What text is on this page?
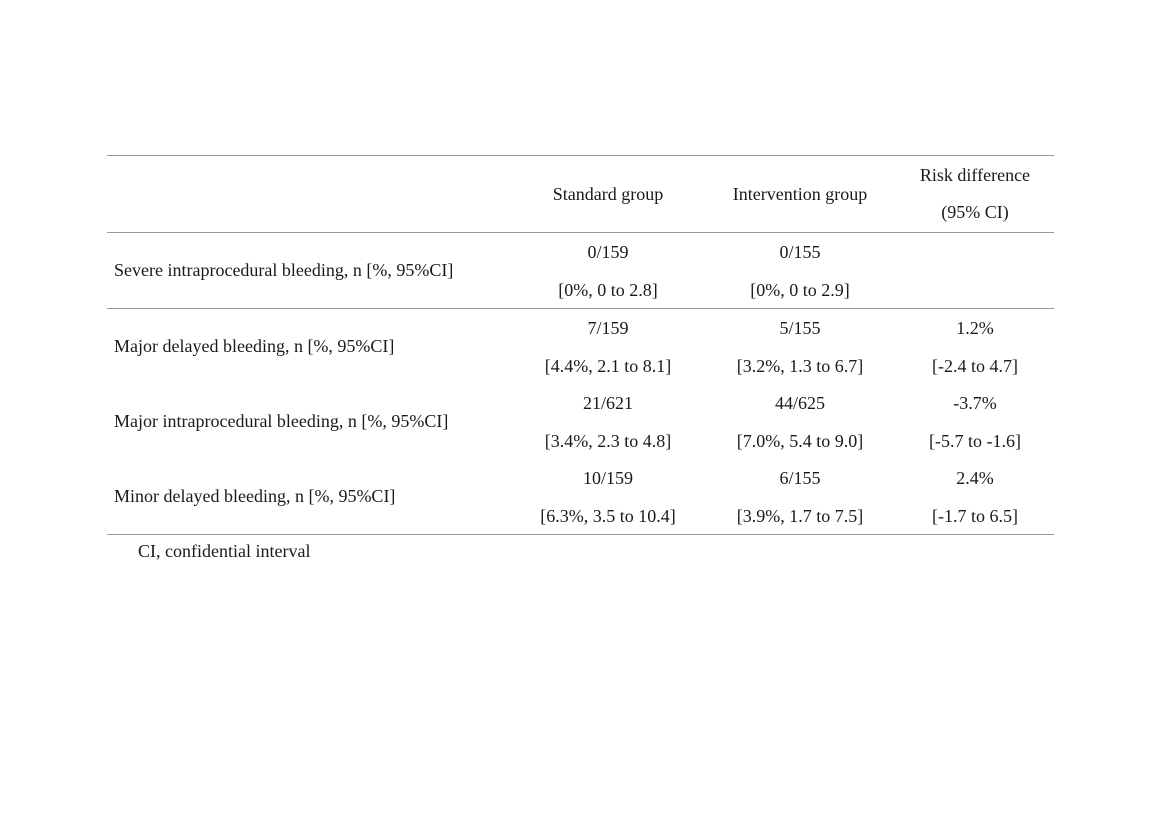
Standard group	Intervention group
Risk difference
(95% CI)
Severe intraprocedural bleeding, n [%, 95%CI]
0/159
[0%, 0 to 2.8]
0/155
[0%, 0 to 2.9]
Major delayed bleeding, n [%, 95%CI]
7/159
[4.4%, 2.1 to 8.1]
5/155
[3.2%, 1.3 to 6.7]
1.2%
[-2.4 to 4.7]
Major intraprocedural bleeding, n [%, 95%CI]
21/621
[3.4%, 2.3 to 4.8]
44/625
[7.0%, 5.4 to 9.0]
-3.7%
[-5.7 to -1.6]
Minor delayed bleeding, n [%, 95%CI]
10/159
[6.3%, 3.5 to 10.4]
6/155
[3.9%, 1.7 to 7.5]
2.4%
[-1.7 to 6.5]
CI, confidential interval
